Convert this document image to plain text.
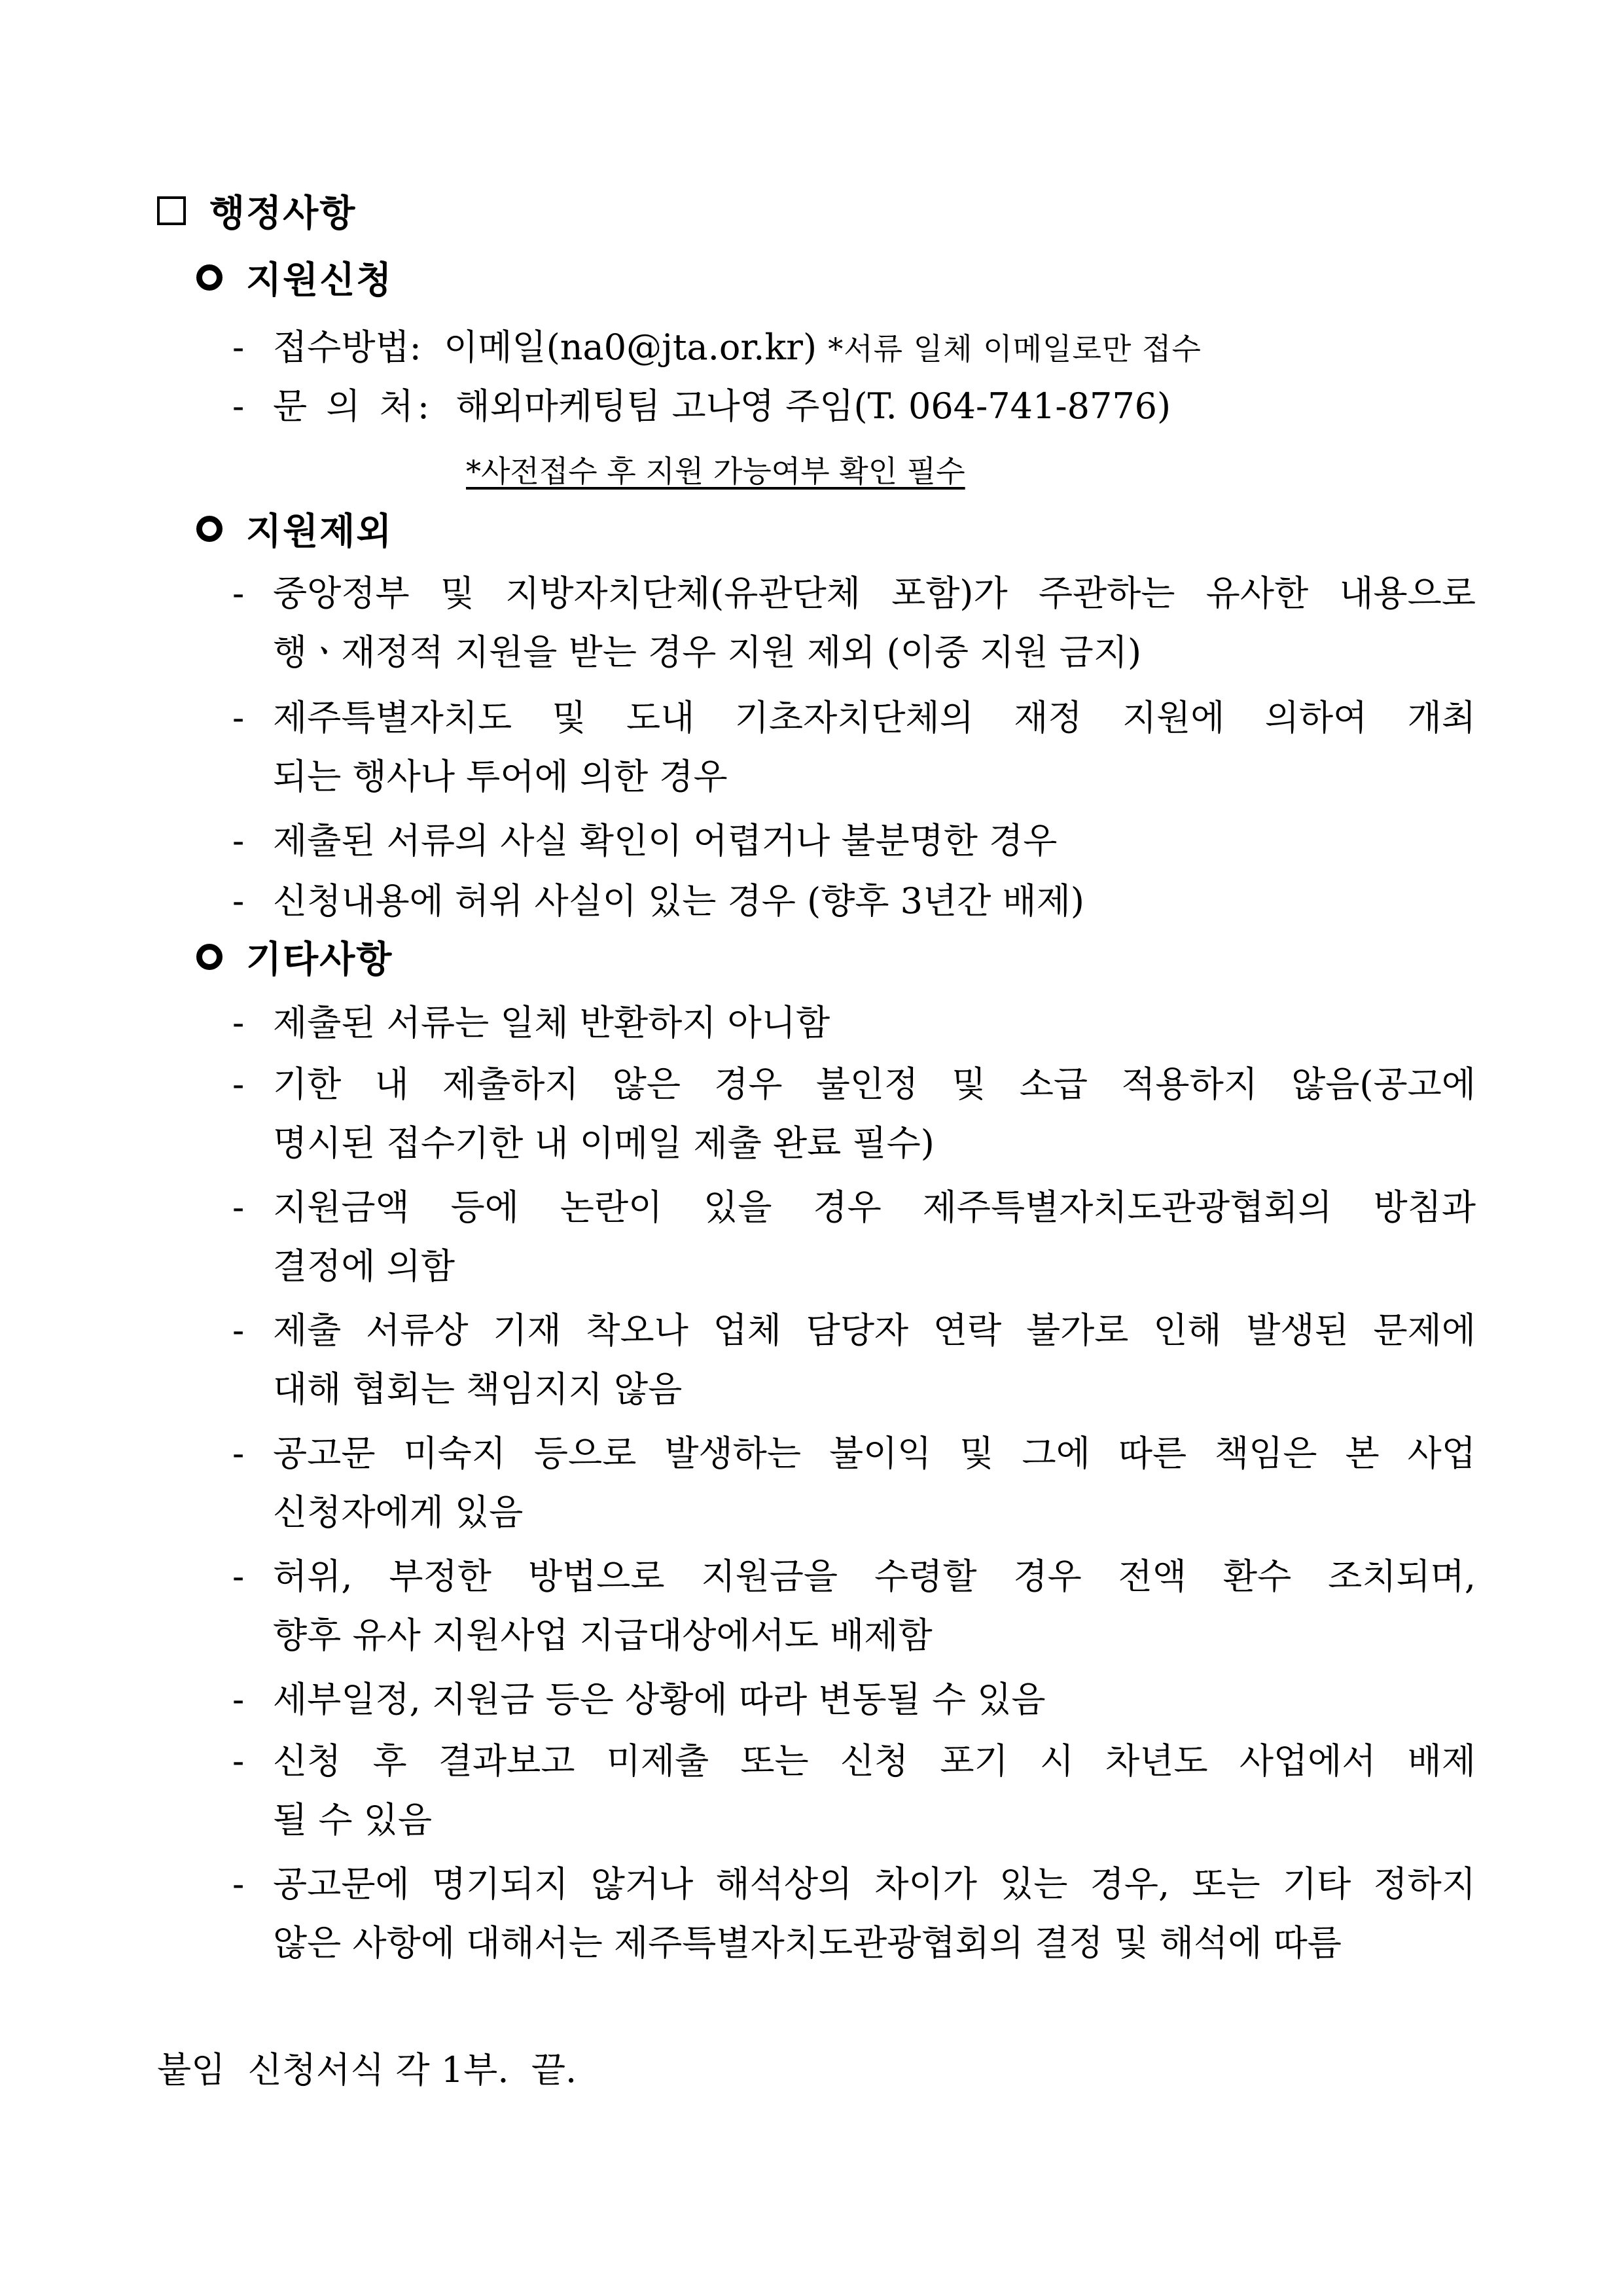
행정사항
지원신청
- 접수방법: 이메일(na0@jta.or.kr) *서류 일체 이메일로만 접수
- 문 의 처: 해외마케팅팀 고나영 주임(T. 064-741-8776)
*사전접수 후 지원 가능여부 확인 필수
지원제외
- 중앙정부 및 지방자치단체(유관단체 포함)가 주관하는 유사한 내용으로
행ㆍ재정적 지원을 받는 경우 지원 제외 (이중 지원 금지)
- 제주특별자치도 및 도내 기초자치단체의 재정 지원에 의하여 개최
되는 행사나 투어에 의한 경우
- 제출된 서류의 사실 확인이 어렵거나 불분명한 경우
- 신청내용에 허위 사실이 있는 경우 (향후 3년간 배제)
기타사항
- 제출된 서류는 일체 반환하지 아니함
- 기한 내 제출하지 않은 경우 불인정 및 소급 적용하지 않음(공고에
명시된 접수기한 내 이메일 제출 완료 필수)
- 지원금액 등에 논란이 있을 경우 제주특별자치도관광협회의 방침과
결정에 의함
- 제출 서류상 기재 착오나 업체 담당자 연락 불가로 인해 발생된 문제에
대해 협회는 책임지지 않음
- 공고문 미숙지 등으로 발생하는 불이익 및 그에 따른 책임은 본 사업
신청자에게 있음
- 허위, 부정한 방법으로 지원금을 수령할 경우 전액 환수 조치되며,
향후 유사 지원사업 지급대상에서도 배제함
- 세부일정, 지원금 등은 상황에 따라 변동될 수 있음
- 신청 후 결과보고 미제출 또는 신청 포기 시 차년도 사업에서 배제
될 수 있음
- 공고문에 명기되지 않거나 해석상의 차이가 있는 경우, 또는 기타 정하지
않은 사항에 대해서는 제주특별자치도관광협회의 결정 및 해석에 따름
붙임 신청서식 각 1부. 끝.
